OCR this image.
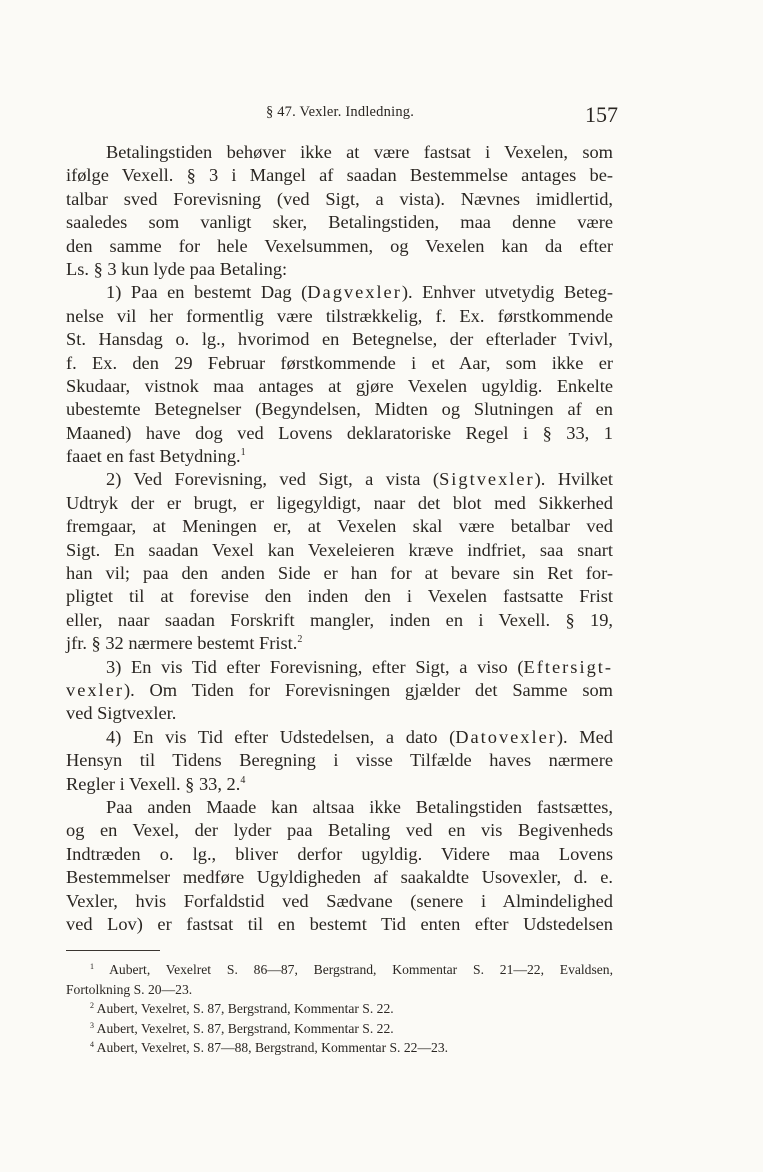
§ 47. Vexler. Indledning.	157
Betalingstiden behøver ikke at være fastsat i Vexelen, som
ifølge Vexell. § 3 i Mangel af saadan Bestemmelse antages be-
talbar sved Forevisning (ved Sigt, a vista). Nævnes imidlertid,
saaledes som vanligt sker, Betalingstiden, maa denne være
den samme for hele Vexelsummen, og Vexelen kan da efter
Ls. § 3 kun lyde paa Betaling:
1) Paa en bestemt Dag (Dagvexler). Enhver utvetydig Beteg-
nelse vil her formentlig være tilstrækkelig, f. Ex. førstkommende
St. Hansdag o. lg., hvorimod en Betegnelse, der efterlader Tvivl,
f. Ex. den 29 Februar førstkommende i et Aar, som ikke er
Skudaar, vistnok maa antages at gjøre Vexelen ugyldig. Enkelte
ubestemte Betegnelser (Begyndelsen, Midten og Slutningen af en
Maaned) have dog ved Lovens deklaratoriske Regel i § 33, 1
faaet en fast Betydning.$^1$
2) Ved Forevisning, ved Sigt, a vista (Sigtvexler). Hvilket
Udtryk der er brugt, er ligegyldigt, naar det blot med Sikkerhed
fremgaar, at Meningen er, at Vexelen skal være betalbar ved
Sigt. En saadan Vexel kan Vexeleieren kræve indfriet, saa snart
han vil; paa den anden Side er han for at bevare sin Ret for-
pligtet til at forevise den inden den i Vexelen fastsatte Frist
eller, naar saadan Forskrift mangler, inden en i Vexell. § 19,
jfr. § 32 nærmere bestemt Frist.$^2$
3) En vis Tid efter Forevisning, efter Sigt, a viso (Eftersigt-
vexler). Om Tiden for Forevisningen gjælder det Samme som
ved Sigtvexler.
4) En vis Tid efter Udstedelsen, a dato (Datovexler). Med
Hensyn til Tidens Beregning i visse Tilfælde haves nærmere
Regler i Vexell. § 33, 2.$^4$
Paa anden Maade kan altsaa ikke Betalingstiden fastsættes,
og en Vexel, der lyder paa Betaling ved en vis Begivenheds
Indtræden o. lg., bliver derfor ugyldig. Videre maa Lovens
Bestemmelser medføre Ugyldigheden af saakaldte Usovexler, d. e.
Vexler, hvis Forfaldstid ved Sædvane (senere i Almindelighed
ved Lov) er fastsat til en bestemt Tid enten efter Udstedelsen
$^1$ Aubert, Vexelret S. 86—87, Bergstrand, Kommentar S. 21—22, Evaldsen,
Fortolkning S. 20—23.
$^2$ Aubert, Vexelret, S. 87, Bergstrand, Kommentar S. 22.
$^3$ Aubert, Vexelret, S. 87, Bergstrand, Kommentar S. 22.
$^4$ Aubert, Vexelret, S. 87—88, Bergstrand, Kommentar S. 22—23.
